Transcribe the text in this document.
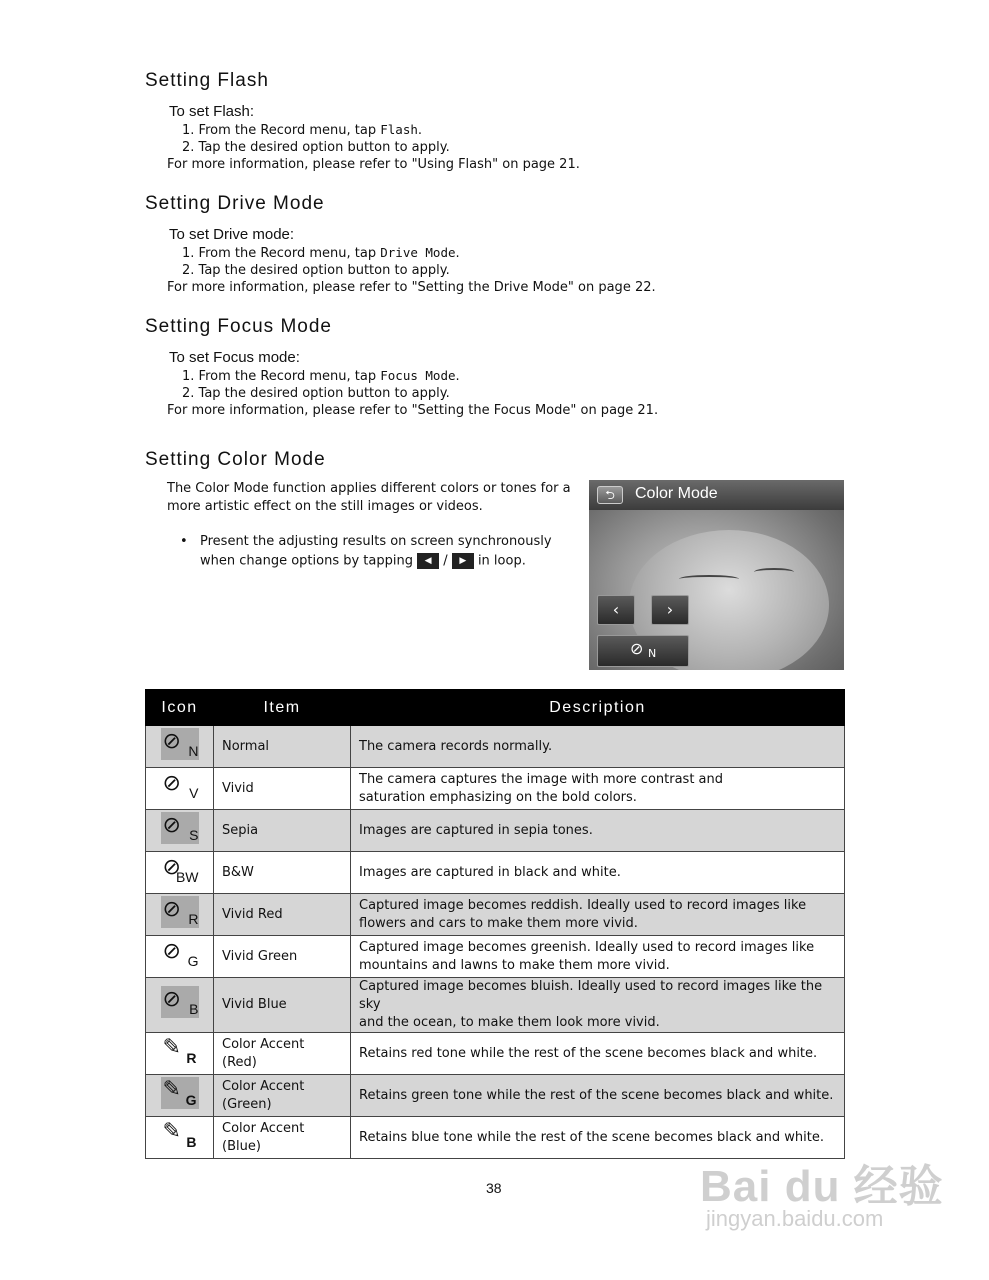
Setting Flash

To set Flash:

1. From the Record menu, tap Flash.

2. Tap the desired option button to apply.

For more information, please refer to "Using Flash" on page 21.

Setting Drive Mode

To set Drive mode:

1. From the Record menu, tap Drive Mode.

2. Tap the desired option button to apply.

For more information, please refer to "Setting the Drive Mode" on page 22.

Setting Focus Mode

To set Focus mode:

1. From the Record menu, tap Focus Mode.

2. Tap the desired option button to apply.

For more information, please refer to "Setting the Focus Mode" on page 21.

Setting Color Mode

The Color Mode function applies different colors or tones for a

more artistic effect on the still images or videos.

• Present the adjusting results on screen synchronously

when change options by tapping ◀ / ▶ in loop.

⮌	Color Mode
‹	›
⊘ N
Icon	Item	Description

⊘ N	Normal	The camera records normally.

⊘ V	Vivid	The camera captures the image with more contrast and
saturation emphasizing on the bold colors.

⊘ S	Sepia	Images are captured in sepia tones.

⊘
BW	B&W	Images are captured in black and white.

⊘ R	Vivid Red	Captured image becomes reddish. Ideally used to record images like
flowers and cars to make them more vivid.

⊘ G	Vivid Green	Captured image becomes greenish. Ideally used to record images like
mountains and lawns to make them more vivid.

⊘ B	Vivid Blue	Captured image becomes bluish. Ideally used to record images like the sky
and the ocean, to make them look more vivid.

✎ R	Color Accent (Red)	Retains red tone while the rest of the scene becomes black and white.

✎ G	Color Accent (Green)	Retains green tone while the rest of the scene becomes black and white.

✎ B	Color Accent (Blue)	Retains blue tone while the rest of the scene becomes black and white.

38	Bai du 经验
jingyan.baidu.com
